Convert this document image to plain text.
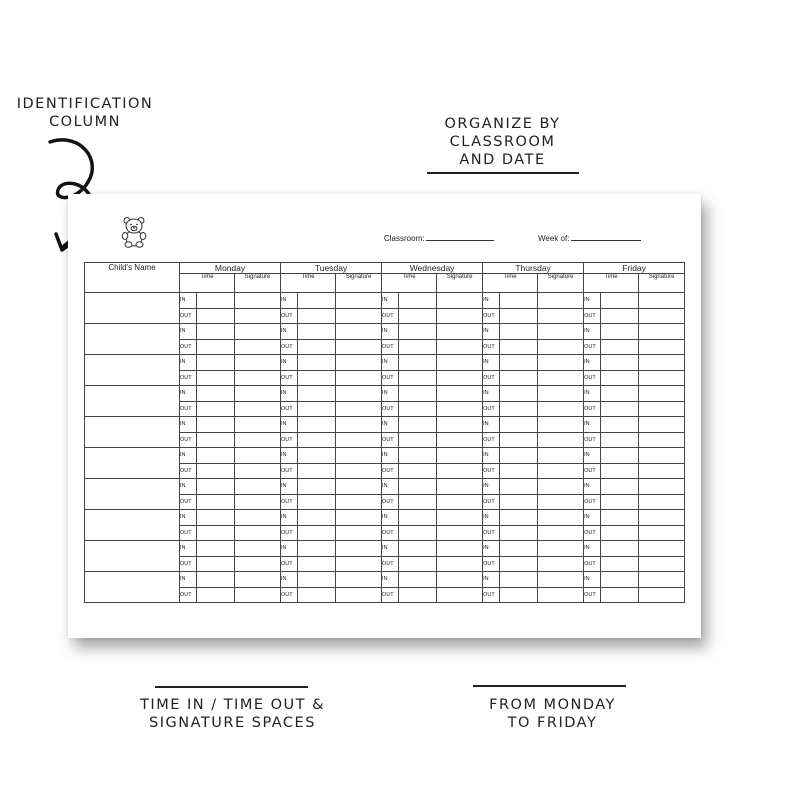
IDENTIFICATION
COLUMN	ORGANIZE BY
CLASSROOM
AND DATE
TIME IN / TIME OUT &
SIGNATURE SPACES
FROM MONDAY
TO FRIDAY
Classroom:	Week of:
Child's Name	Monday			Tuesday			Wednesday			Thursday			Friday		
	Time		Signature	Time		Signature	Time		Signature	Time		Signature	Time		Signature
	IN			IN			IN			IN			IN		
	OUT			OUT			OUT			OUT			OUT		
	IN			IN			IN			IN			IN		
	OUT			OUT			OUT			OUT			OUT		
	IN			IN			IN			IN			IN		
	OUT			OUT			OUT			OUT			OUT		
	IN			IN			IN			IN			IN		
	OUT			OUT			OUT			OUT			OUT		
	IN			IN			IN			IN			IN		
	OUT			OUT			OUT			OUT			OUT		
	IN			IN			IN			IN			IN		
	OUT			OUT			OUT			OUT			OUT		
	IN			IN			IN			IN			IN		
	OUT			OUT			OUT			OUT			OUT		
	IN			IN			IN			IN			IN		
	OUT			OUT			OUT			OUT			OUT		
	IN			IN			IN			IN			IN		
	OUT			OUT			OUT			OUT			OUT		
	IN			IN			IN			IN			IN		
	OUT			OUT			OUT			OUT			OUT		
